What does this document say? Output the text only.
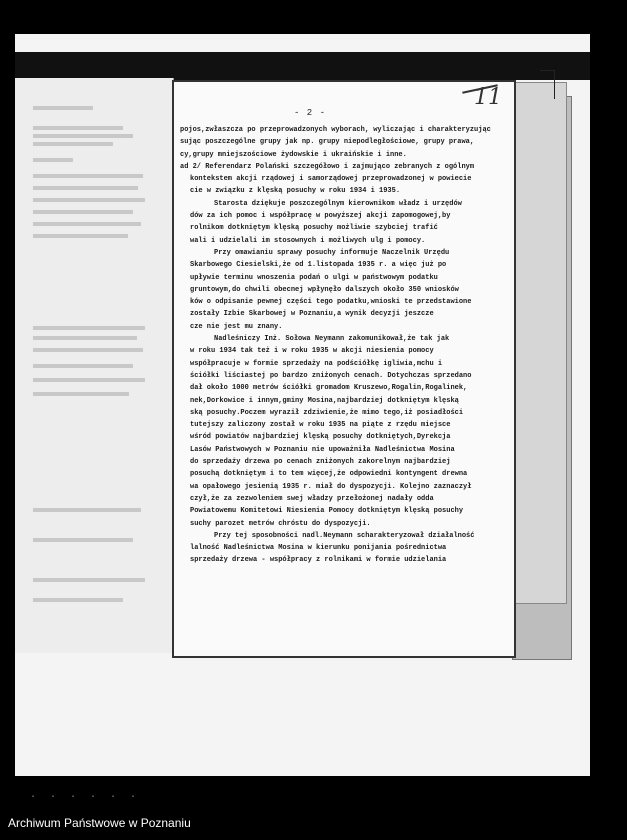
11
- 2 -
pojos,zwłaszcza po przeprowadzonych wyborach, wyliczając i charakteryzując
sując poszczególne grupy jak np. grupy niepodległościowe, grupy prawa,
cy,grupy mniejszościowe żydowskie i ukraińskie i inne.
ad 2/ Referendarz Polański szczegółowo i zajmująco zebranych z ogólnym
kontekstem akcji rządowej i samorządowej przeprowadzonej w powiecie
cie w związku z klęską posuchy w roku 1934 i 1935.
Starosta dziękuje poszczególnym kierownikom władz i urzędów
dów za ich pomoc i współpracę w powyższej akcji zapomogowej,by
rolnikom dotkniętym klęską posuchy możliwie szybciej trafić
wali i udzielali im stosownych i możliwych ulg i pomocy.
Przy omawianiu sprawy posuchy informuje Naczelnik Urzędu
Skarbowego Ciesielski,że od 1.listopada 1935 r. a więc już po
upływie terminu wnoszenia podań o ulgi w państwowym podatku
gruntowym,do chwili obecnej wpłynęło dalszych około 350 wniosków
ków o odpisanie pewnej części tego podatku,wnioski te przedstawione
zostały Izbie Skarbowej w Poznaniu,a wynik decyzji jeszcze
cze nie jest mu znany.
Nadleśniczy Inż. Sołowa Neymann zakomunikował,że tak jak
w roku 1934 tak też i w roku 1935 w akcji niesienia pomocy
współpracuje w formie sprzedaży na podściółkę igliwia,mchu i
ściółki liściastej po bardzo zniżonych cenach. Dotychczas sprzedano
dał około 1000 metrów ściółki gromadom Kruszewo,Rogalin,Rogalinek,
nek,Dorkowice i innym,gminy Mosina,najbardziej dotkniętym klęską
ską posuchy.Poczem wyraził zdziwienie,że mimo tego,iż posiadłości
tutejszy zaliczony został w roku 1935 na piąte z rzędu miejsce
wśród powiatów najbardziej klęską posuchy dotkniętych,Dyrekcja
Lasów Państwowych w Poznaniu nie upoważniła Nadleśnictwa Mosina
do sprzedaży drzewa po cenach zniżonych zakorelnym najbardziej
posuchą dotkniętym i to tem więcej,że odpowiedni kontyngent drewna
wa opałowego jesienią 1935 r. miał do dyspozycji. Kolejno zaznaczył
czył,że za zezwoleniem swej władzy przełożonej nadały odda
Powiatowemu Komitetowi Niesienia Pomocy dotkniętym klęską posuchy
suchy parozet metrów chróstu do dyspozycji.
Przy tej sposobności nadl.Neymann scharakteryzował działalność
lalność Nadleśnictwa Mosina w kierunku ponijania pośrednictwa
sprzedaży drzewa - współpracy z rolnikami w formie udzielania
· · · · · ·
Archiwum Państwowe w Poznaniu
